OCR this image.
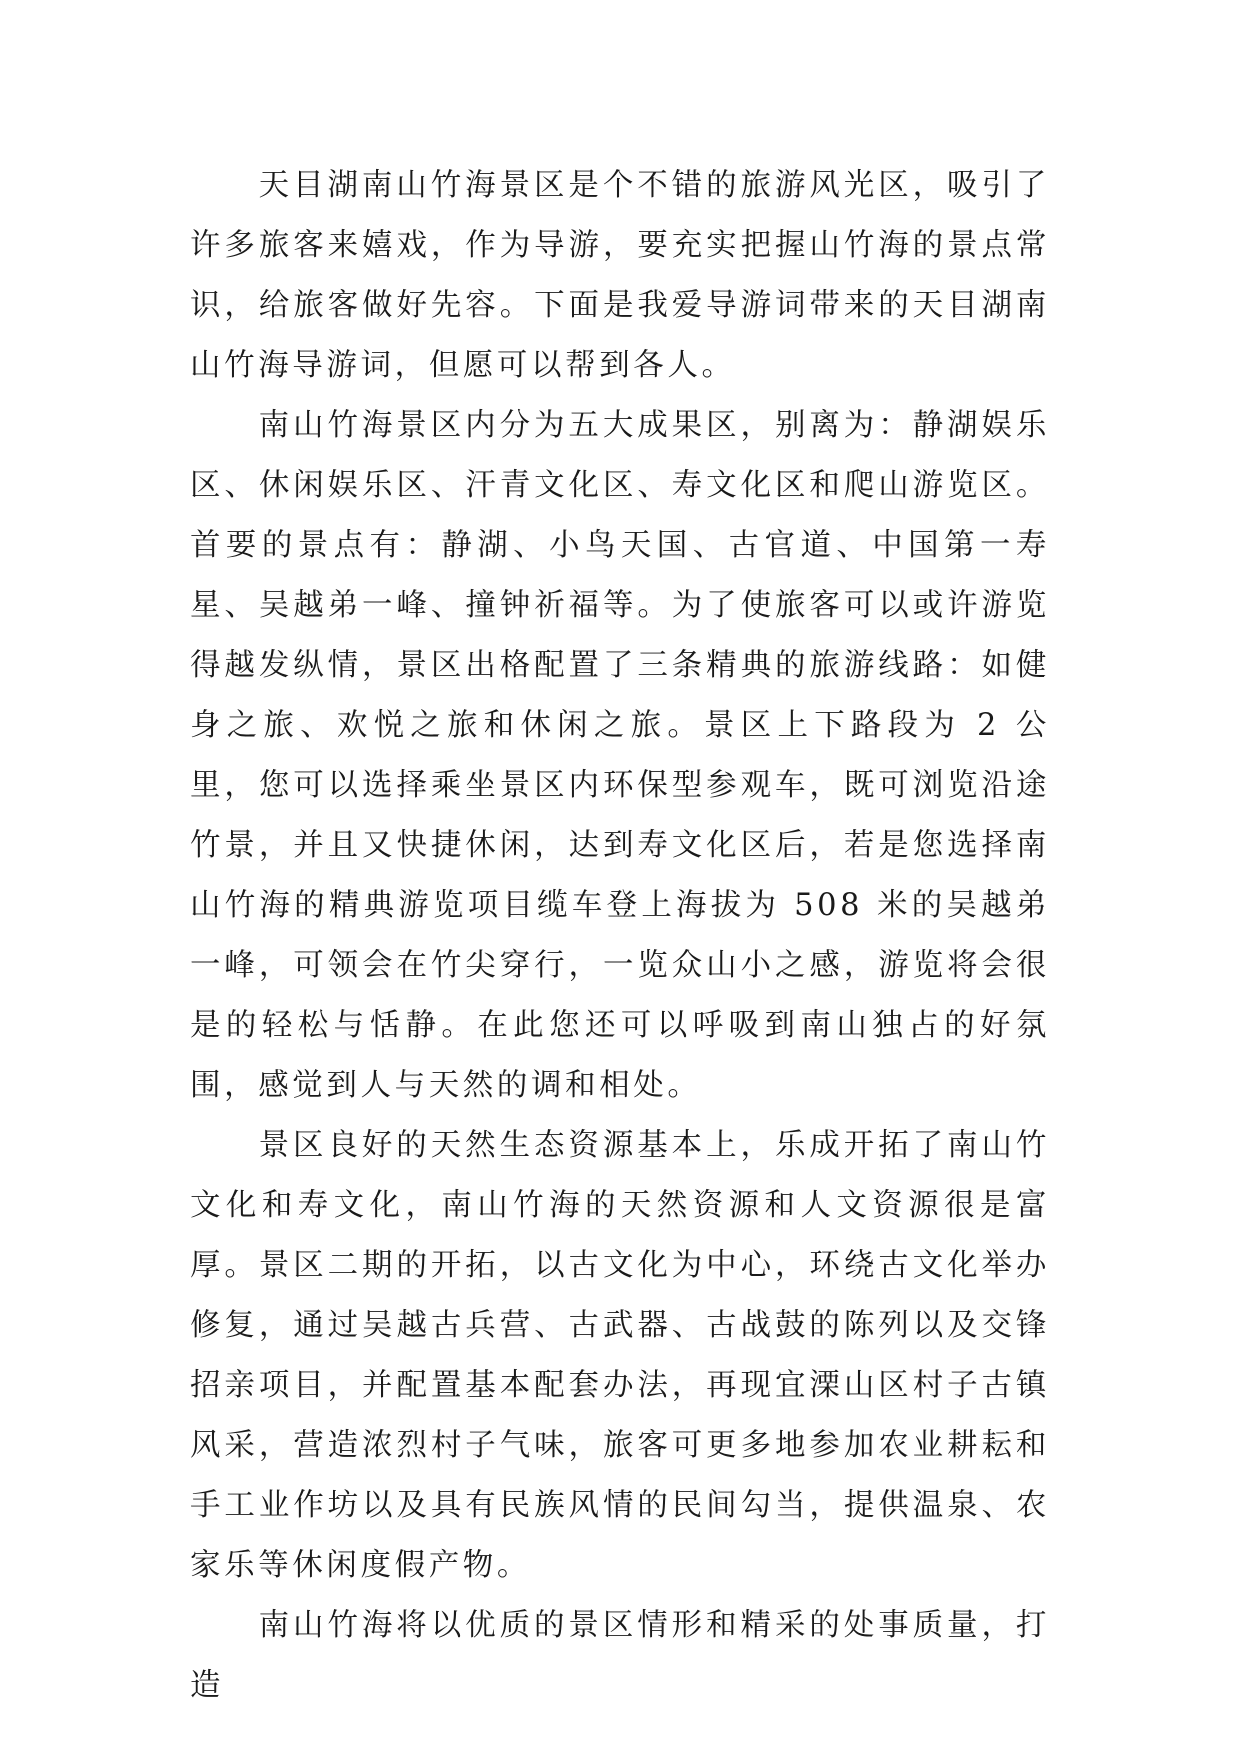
天目湖南山竹海景区是个不错的旅游风光区，吸引了许多旅客来嬉戏，作为导游，要充实把握山竹海的景点常识，给旅客做好先容。下面是我爱导游词带来的天目湖南山竹海导游词，但愿可以帮到各人。

南山竹海景区内分为五大成果区，别离为：静湖娱乐区、休闲娱乐区、汗青文化区、寿文化区和爬山游览区。首要的景点有：静湖、小鸟天国、古官道、中国第一寿星、吴越弟一峰、撞钟祈福等。为了使旅客可以或许游览得越发纵情，景区出格配置了三条精典的旅游线路：如健身之旅、欢悦之旅和休闲之旅。景区上下路段为 2 公里，您可以选择乘坐景区内环保型参观车，既可浏览沿途竹景，并且又快捷休闲，达到寿文化区后，若是您选择南山竹海的精典游览项目缆车登上海拔为 508 米的吴越弟一峰，可领会在竹尖穿行，一览众山小之感，游览将会很是的轻松与恬静。在此您还可以呼吸到南山独占的好氛围，感觉到人与天然的调和相处。

景区良好的天然生态资源基本上，乐成开拓了南山竹文化和寿文化，南山竹海的天然资源和人文资源很是富厚。景区二期的开拓，以古文化为中心，环绕古文化举办修复，通过吴越古兵营、古武器、古战鼓的陈列以及交锋招亲项目，并配置基本配套办法，再现宜溧山区村子古镇风采，营造浓烈村子气味，旅客可更多地参加农业耕耘和手工业作坊以及具有民族风情的民间勾当，提供温泉、农家乐等休闲度假产物。

南山竹海将以优质的景区情形和精采的处事质量，打造
